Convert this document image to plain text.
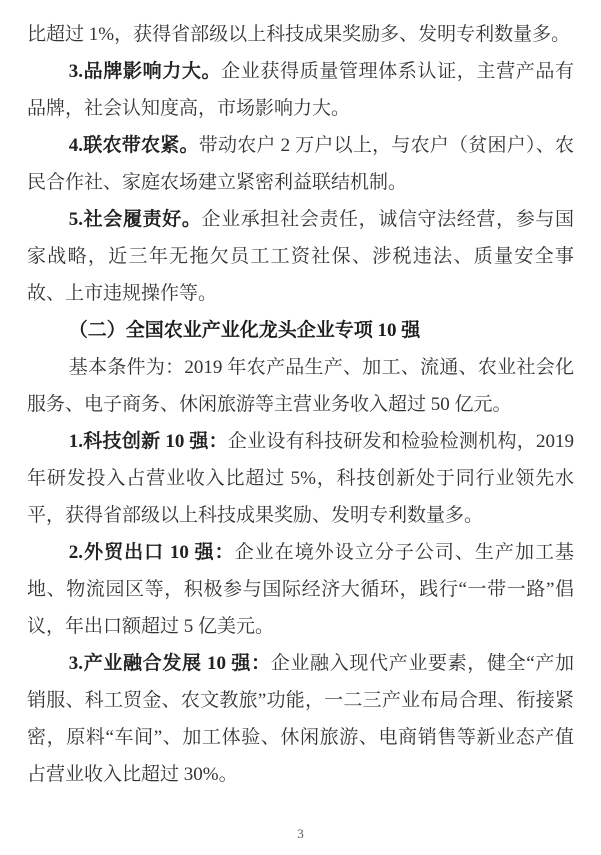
比超过 1%，获得省部级以上科技成果奖励多、发明专利数量多。

3.品牌影响力大。企业获得质量管理体系认证，主营产品有品牌，社会认知度高，市场影响力大。

4.联农带农紧。带动农户 2 万户以上，与农户（贫困户）、农民合作社、家庭农场建立紧密利益联结机制。

5.社会履责好。企业承担社会责任，诚信守法经营，参与国家战略，近三年无拖欠员工工资社保、涉税违法、质量安全事故、上市违规操作等。

（二）全国农业产业化龙头企业专项 10 强

基本条件为：2019 年农产品生产、加工、流通、农业社会化服务、电子商务、休闲旅游等主营业务收入超过 50 亿元。

1.科技创新 10 强：企业设有科技研发和检验检测机构，2019 年研发投入占营业收入比超过 5%，科技创新处于同行业领先水平，获得省部级以上科技成果奖励、发明专利数量多。

2.外贸出口 10 强：企业在境外设立分子公司、生产加工基地、物流园区等，积极参与国际经济大循环，践行“一带一路”倡议，年出口额超过 5 亿美元。

3.产业融合发展 10 强：企业融入现代产业要素，健全“产加销服、科工贸金、农文教旅”功能，一二三产业布局合理、衔接紧密，原料“车间”、加工体验、休闲旅游、电商销售等新业态产值占营业收入比超过 30%。

3
